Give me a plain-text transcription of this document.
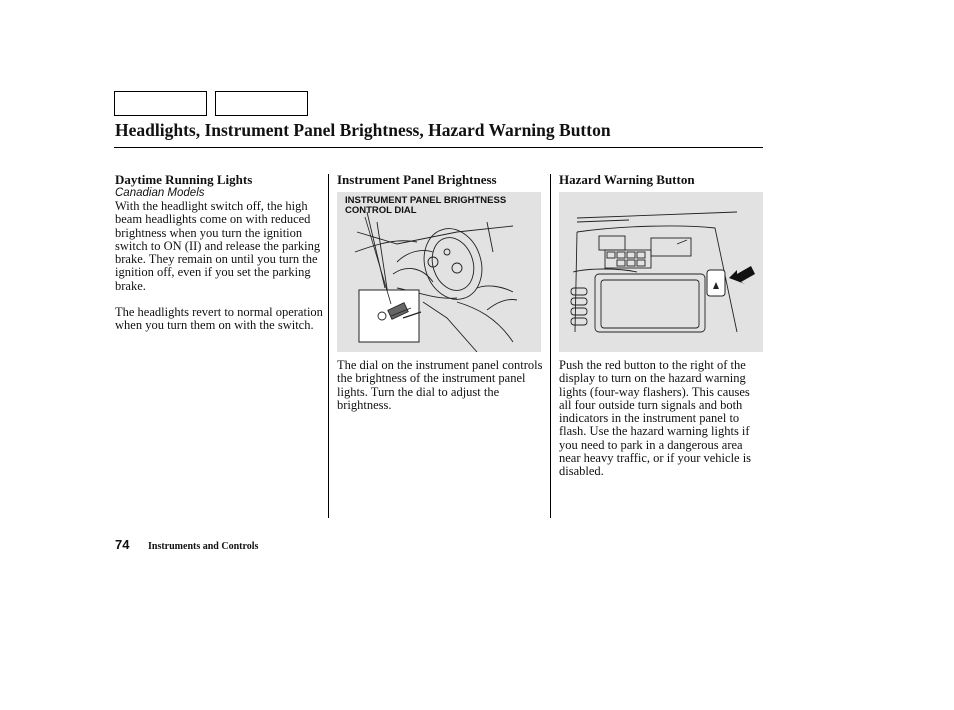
Headlights, Instrument Panel Brightness, Hazard Warning Button
Daytime Running Lights
Canadian Models

With the headlight switch off, the high beam headlights come on with reduced brightness when you turn the ignition switch to ON (II) and release the parking brake. They remain on until you turn the ignition off, even if you set the parking brake.

The headlights revert to normal operation when you turn them on with the switch.

Instrument Panel Brightness
INSTRUMENT PANEL BRIGHTNESS
CONTROL DIAL

The dial on the instrument panel controls the brightness of the instrument panel lights. Turn the dial to adjust the brightness.

Hazard Warning Button

Push the red button to the right of the display to turn on the hazard warning lights (four-way flashers). This causes all four outside turn signals and both indicators in the instrument panel to flash. Use the hazard warning lights if you need to park in a dangerous area near heavy traffic, or if your vehicle is disabled.

74 Instruments and Controls
